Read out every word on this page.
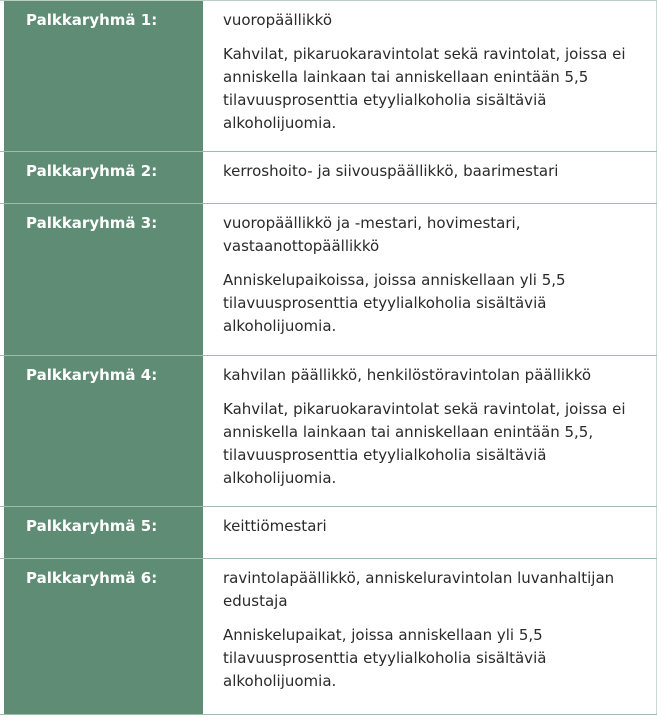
Palkkaryhmä 1:	vuoropäällikkö

Kahvilat, pikaruokaravintolat sekä ravintolat, joissa ei anniskella lainkaan tai anniskellaan enintään 5,5 tilavuusprosenttia etyylialkoholia sisältäviä alkoholijuomia.

Palkkaryhmä 2:	kerroshoito- ja siivouspäällikkö, baarimestari

Palkkaryhmä 3:	vuoropäällikkö ja -mestari, hovimestari, vastaanottopäällikkö

Anniskelupaikoissa, joissa anniskellaan yli 5,5 tilavuusprosenttia etyylialkoholia sisältäviä alkoholijuomia.

Palkkaryhmä 4:	kahvilan päällikkö, henkilöstöravintolan päällikkö

Kahvilat, pikaruokaravintolat sekä ravintolat, joissa ei anniskella lainkaan tai anniskellaan enintään 5,5, tilavuusprosenttia etyylialkoholia sisältäviä alkoholijuomia.

Palkkaryhmä 5:	keittiömestari

Palkkaryhmä 6:	ravintolapäällikkö, anniskeluravintolan luvanhaltijan edustaja

Anniskelupaikat, joissa anniskellaan yli 5,5 tilavuusprosenttia etyylialkoholia sisältäviä alkoholijuomia.
